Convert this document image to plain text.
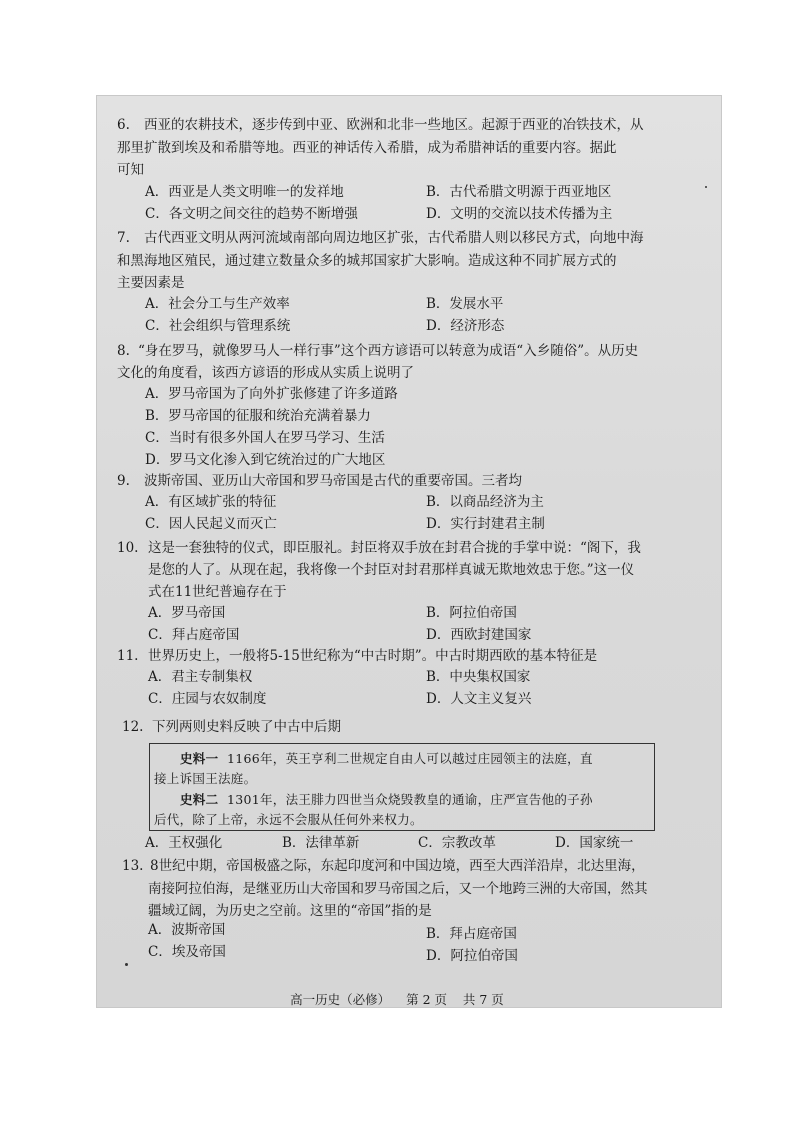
6. 西亚的农耕技术，逐步传到中亚、欧洲和北非一些地区。起源于西亚的冶铁技术，从
那里扩散到埃及和希腊等地。西亚的神话传入希腊，成为希腊神话的重要内容。据此
可知
A．西亚是人类文明唯一的发祥地	B．古代希腊文明源于西亚地区
C．各文明之间交往的趋势不断增强	D．文明的交流以技术传播为主
7. 古代西亚文明从两河流域南部向周边地区扩张，古代希腊人则以移民方式，向地中海
和黑海地区殖民，通过建立数量众多的城邦国家扩大影响。造成这种不同扩展方式的
主要因素是
A．社会分工与生产效率	B．发展水平
C．社会组织与管理系统	D．经济形态
8. “身在罗马，就像罗马人一样行事”这个西方谚语可以转意为成语“入乡随俗”。从历史
文化的角度看，该西方谚语的形成从实质上说明了
A．罗马帝国为了向外扩张修建了许多道路
B．罗马帝国的征服和统治充满着暴力
C．当时有很多外国人在罗马学习、生活
D．罗马文化渗入到它统治过的广大地区
9. 波斯帝国、亚历山大帝国和罗马帝国是古代的重要帝国。三者均
A．有区域扩张的特征	B．以商品经济为主
C．因人民起义而灭亡	D．实行封建君主制
10. 这是一套独特的仪式，即臣服礼。封臣将双手放在封君合拢的手掌中说：“阁下，我
是您的人了。从现在起，我将像一个封臣对封君那样真诚无欺地效忠于您。”这一仪
式在11世纪普遍存在于
A．罗马帝国	B．阿拉伯帝国
C．拜占庭帝国	D．西欧封建国家
11. 世界历史上，一般将5-15世纪称为“中古时期”。中古时期西欧的基本特征是
A．君主专制集权	B．中央集权国家
C．庄园与农奴制度	D．人文主义复兴
12. 下列两则史料反映了中古中后期
史料一 1166年，英王亨利二世规定自由人可以越过庄园领主的法庭，直
接上诉国王法庭。
史料二 1301年，法王腓力四世当众烧毁教皇的通谕，庄严宣告他的子孙
后代，除了上帝，永远不会服从任何外来权力。
A．王权强化	B．法律革新	C．宗教改革	D．国家统一
13. 8世纪中期，帝国极盛之际，东起印度河和中国边境，西至大西洋沿岸，北达里海，
南接阿拉伯海，是继亚历山大帝国和罗马帝国之后，又一个地跨三洲的大帝国，然其
疆域辽阔，为历史之空前。这里的“帝国”指的是
A．波斯帝国	B．拜占庭帝国
C．埃及帝国	D．阿拉伯帝国
高一历史（必修） 第 2 页 共 7 页
